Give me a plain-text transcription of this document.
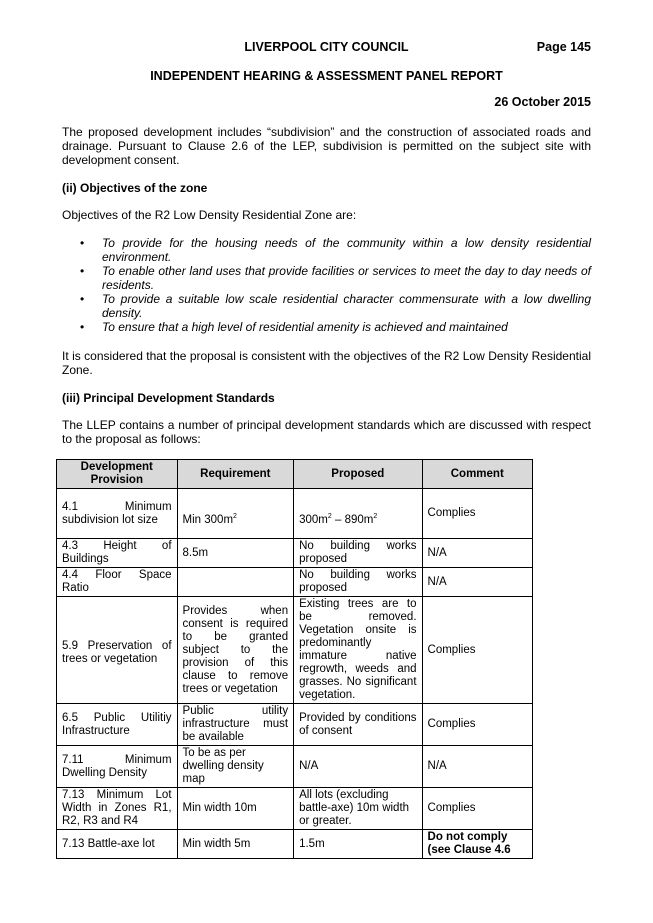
LIVERPOOL CITY COUNCIL	Page 145
INDEPENDENT HEARING & ASSESSMENT PANEL REPORT
26 October 2015
The proposed development includes “subdivision” and the construction of associated roads and drainage. Pursuant to Clause 2.6 of the LEP, subdivision is permitted on the subject site with development consent.
(ii) Objectives of the zone
Objectives of the R2 Low Density Residential Zone are:
• To provide for the housing needs of the community within a low density residential environment.
• To enable other land uses that provide facilities or services to meet the day to day needs of residents.
• To provide a suitable low scale residential character commensurate with a low dwelling density.
• To ensure that a high level of residential amenity is achieved and maintained
It is considered that the proposal is consistent with the objectives of the R2 Low Density Residential Zone.
(iii) Principal Development Standards
The LLEP contains a number of principal development standards which are discussed with respect to the proposal as follows:
Development Provision	Requirement	Proposed	Comment
4.1 Minimum subdivision lot size	Min $300m^2$	$300m^2 - 890m^2$	Complies
4.3 Height of Buildings	8.5m	No building works proposed	N/A
4.4 Floor Space Ratio		No building works proposed	N/A
5.9 Preservation of trees or vegetation	Provides when consent is required to be granted subject to the provision of this clause to remove trees or vegetation	Existing trees are to be removed. Vegetation onsite is predominantly immature native regrowth, weeds and grasses. No significant vegetation.	Complies
6.5 Public Utilitiy Infrastructure	Public utility infrastructure must be available	Provided by conditions of consent	Complies
7.11 Minimum Dwelling Density	To be as per dwelling density map	N/A	N/A
7.13 Minimum Lot Width in Zones R1, R2, R3 and R4	Min width 10m	All lots (excluding battle-axe) 10m width or greater.	Complies
7.13 Battle-axe lot	Min width 5m	1.5m	Do not comply (see Clause 4.6
